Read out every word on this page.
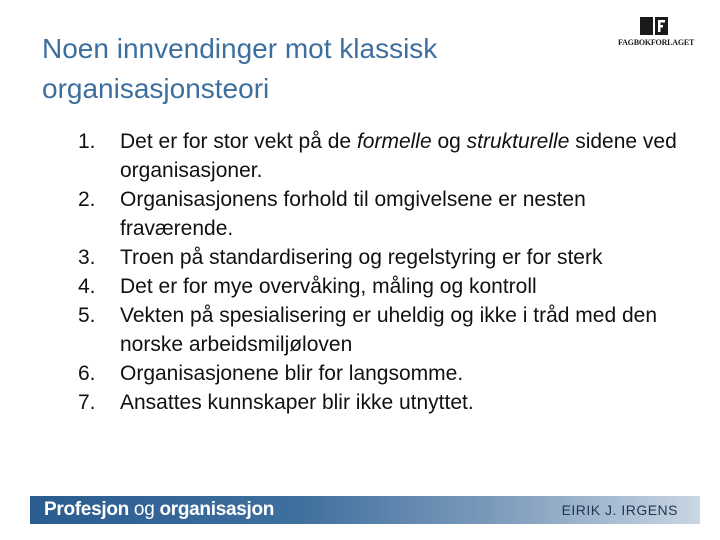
Noen innvendinger mot klassisk organisasjonsteori
FAGBOKFORLAGET
1.	Det er for stor vekt på de formelle og strukturelle sidene ved organisasjoner.
2.	Organisasjonens forhold til omgivelsene er nesten fraværende.
3.	Troen på standardisering og regelstyring er for sterk
4.	Det er for mye overvåking, måling og kontroll
5.	Vekten på spesialisering er uheldig og ikke i tråd med den norske arbeidsmiljøloven
6.	Organisasjonene blir for langsomme.
7.	Ansattes kunnskaper blir ikke utnyttet.
Profesjon og organisasjon	EIRIK J. IRGENS
